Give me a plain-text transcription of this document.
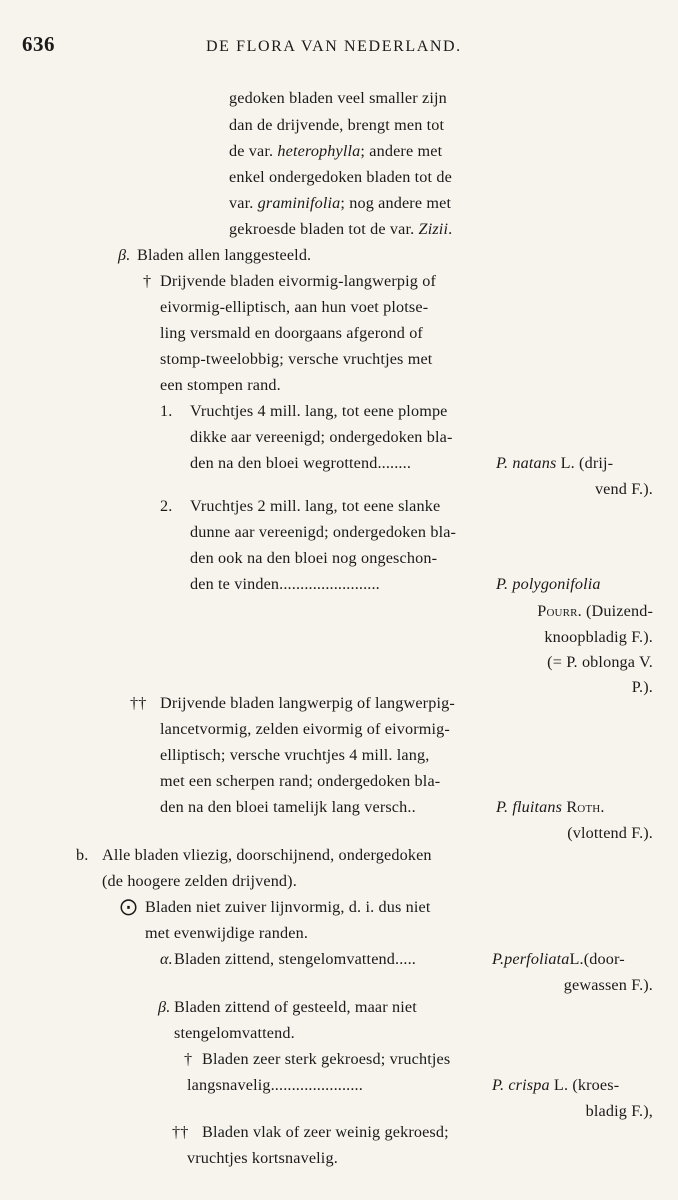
636	DE FLORA VAN NEDERLAND.
gedoken bladen veel smaller zijn
dan de drijvende, brengt men tot
de var. heterophylla; andere met
enkel ondergedoken bladen tot de
var. graminifolia; nog andere met
gekroesde bladen tot de var. Zizii.
β. Bladen allen langgesteeld.
† Drijvende bladen eivormig-langwerpig of
eivormig-elliptisch, aan hun voet plotse-
ling versmald en doorgaans afgerond of
stomp-tweelobbig; versche vruchtjes met
een stompen rand.
1. Vruchtjes 4 mill. lang, tot eene plompe
dikke aar vereenigd; ondergedoken bla-
den na den bloei wegrottend........	P. natans L. (drij-
vend F.).
2. Vruchtjes 2 mill. lang, tot eene slanke
dunne aar vereenigd; ondergedoken bla-
den ook na den bloei nog ongeschon-
den te vinden........................	P. polygonifolia
Pourr. (Duizend-
knoopbladig F.).
(= P. oblonga V.
P.).
†† Drijvende bladen langwerpig of langwerpig-
lancetvormig, zelden eivormig of eivormig-
elliptisch; versche vruchtjes 4 mill. lang,
met een scherpen rand; ondergedoken bla-
den na den bloei tamelijk lang versch..	P. fluitans Roth.
(vlottend F.).
b. Alle bladen vliezig, doorschijnend, ondergedoken
(de hoogere zelden drijvend).
⨀ Bladen niet zuiver lijnvormig, d. i. dus niet
met evenwijdige randen.
α. Bladen zittend, stengelomvattend.....	P.perfoliataL.(door-
gewassen F.).
β. Bladen zittend of gesteeld, maar niet
stengelomvattend.
† Bladen zeer sterk gekroesd; vruchtjes
langsnavelig......................	P. crispa L. (kroes-
bladig F.),
†† Bladen vlak of zeer weinig gekroesd;
vruchtjes kortsnavelig.
